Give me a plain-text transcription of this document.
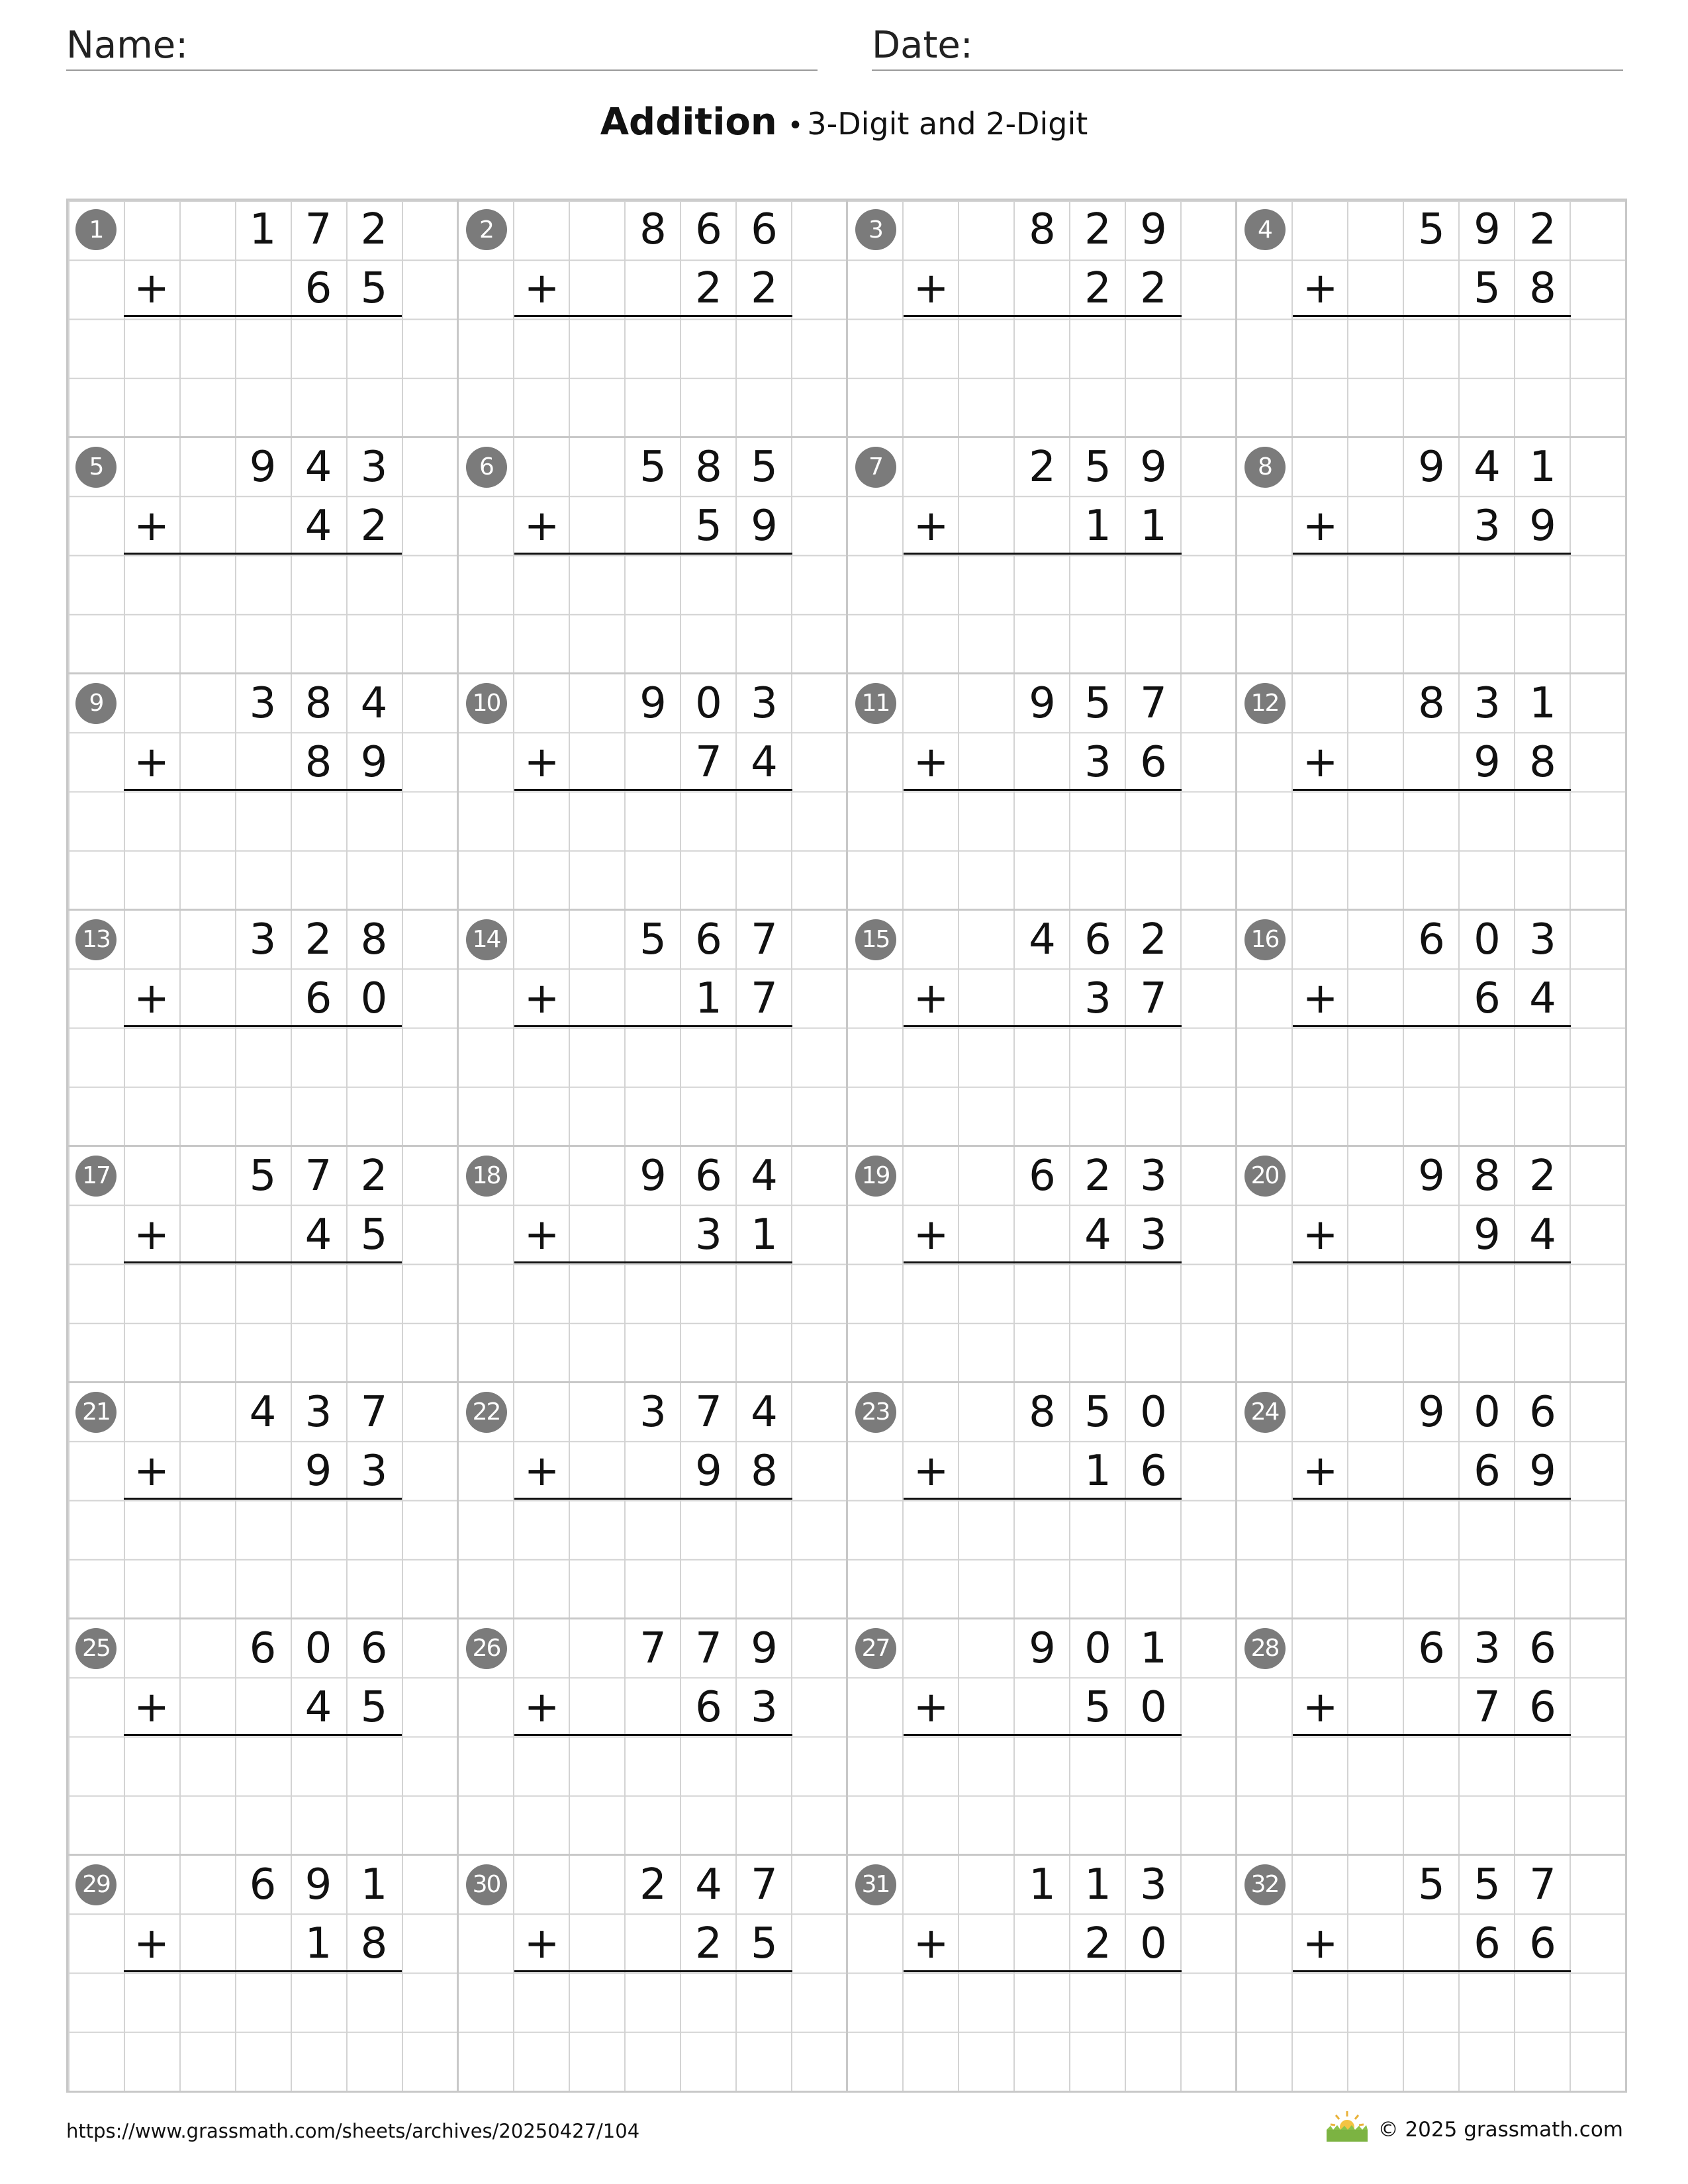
Name:	Date:
Addition • 3-Digit and 2-Digit
1	1 7 2
+	6 5
2	8 6 6
+	2 2
3	8 2 9
+	2 2
4	5 9 2
+	5 8
5	9 4 3
+	4 2
6	5 8 5
+	5 9
7	2 5 9
+	1 1
8	9 4 1
+	3 9
9	3 8 4
+	8 9
10	9 0 3
+	7 4
11	9 5 7
+	3 6
12	8 3 1
+	9 8
13	3 2 8
+	6 0
14	5 6 7
+	1 7
15	4 6 2
+	3 7
16	6 0 3
+	6 4
17	5 7 2
+	4 5
18	9 6 4
+	3 1
19	6 2 3
+	4 3
20	9 8 2
+	9 4
21	4 3 7
+	9 3
22	3 7 4
+	9 8
23	8 5 0
+	1 6
24	9 0 6
+	6 9
25	6 0 6
+	4 5
26	7 7 9
+	6 3
27	9 0 1
+	5 0
28	6 3 6
+	7 6
29	6 9 1
+	1 8
30	2 4 7
+	2 5
31	1 1 3
+	2 0
32	5 5 7
+	6 6
https://www.grassmath.com/sheets/archives/20250427/104	© 2025 grassmath.com
